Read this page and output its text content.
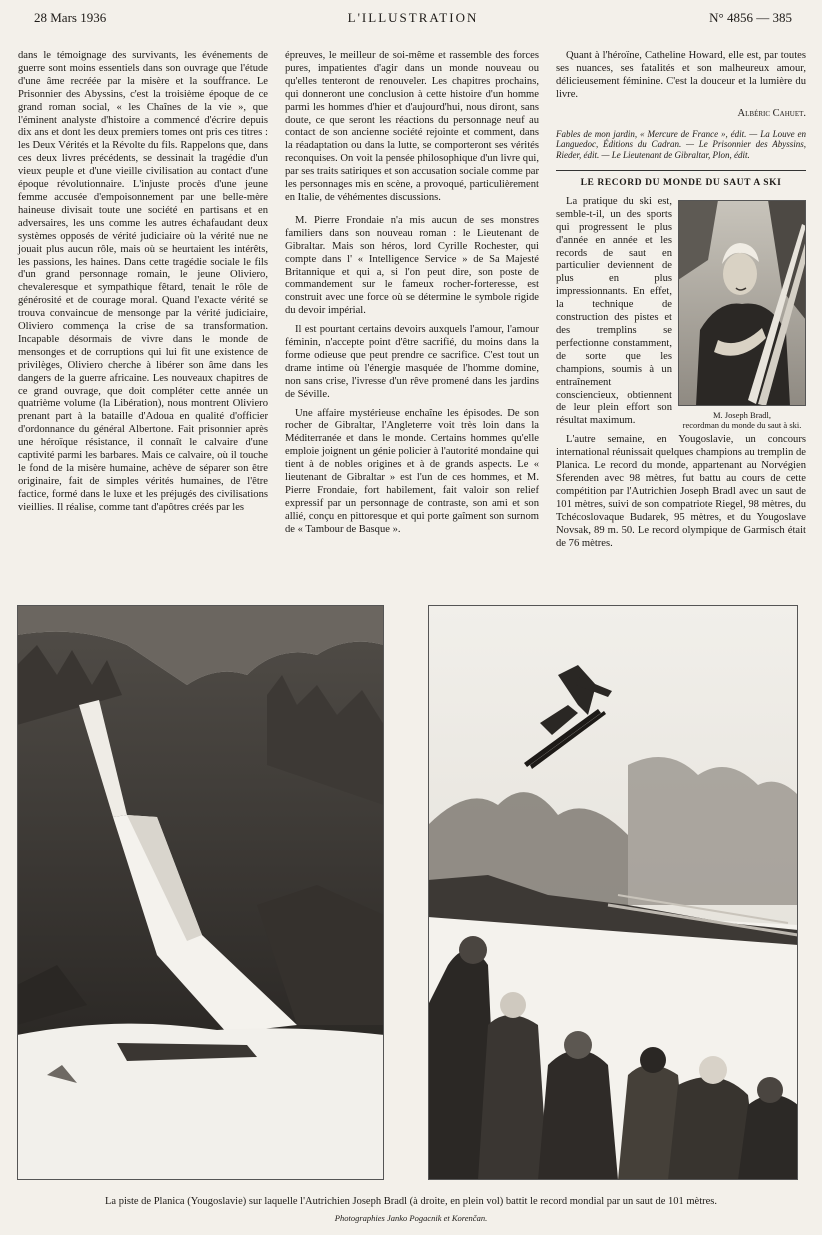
28 Mars 1936	L'ILLUSTRATION	N° 4856 — 385

dans le témoignage des survivants, les événements de guerre sont moins essentiels dans son ouvrage que l'étude d'une âme recréée par la misère et la souffrance. Le Prisonnier des Abyssins, c'est la troisième époque de ce grand roman social, « les Chaînes de la vie », que l'éminent analyste d'histoire a commencé d'écrire depuis dix ans et dont les deux premiers tomes ont pris ces titres : les Deux Vérités et la Révolte du fils. Rappelons que, dans ces deux livres précédents, se dessinait la tragédie d'un vieux peuple et d'une vieille civilisation au contact d'une époque révolutionnaire. L'injuste procès d'une jeune femme accusée d'empoisonnement par une belle-mère haineuse divisait toute une société en partisans et en adversaires, les uns comme les autres échafaudant deux systèmes opposés de vérité judiciaire où la vérité nue ne jouait plus aucun rôle, mais où se heurtaient les intérêts, les passions, les haines. Dans cette tragédie sociale le fils d'un grand personnage romain, le jeune Oliviero, chevaleresque et sympathique fêtard, tenait le rôle de générosité et de courage moral. Quand l'exacte vérité se trouva convaincue de mensonge par la vérité judiciaire, Oliviero commença la crise de sa transformation. Incapable désormais de vivre dans le monde de mensonges et de corruptions qui lui fit une existence de privilèges, Oliviero cherche à libérer son âme dans les dangers de la guerre africaine. Les nouveaux chapitres de ce grand ouvrage, que doit compléter cette année un quatrième volume (la Libération), nous montrent Oliviero prenant part à la bataille d'Adoua en qualité d'officier d'ordonnance du général Albertone. Fait prisonnier après une héroïque résistance, il connaît le calvaire d'une captivité parmi les barbares. Mais ce calvaire, où il touche le fond de la misère humaine, achève de séparer son être originaire, fait de simples vérités humaines, de l'être factice, formé dans le luxe et les préjugés des civilisations vieillies. Il réalise, comme tant d'apôtres créés par les

épreuves, le meilleur de soi-même et rassemble des forces pures, impatientes d'agir dans un monde nouveau ou qu'elles tenteront de renouveler. Les chapitres prochains, qui donneront une conclusion à cette histoire d'un homme parmi les hommes d'hier et d'aujourd'hui, nous diront, sans doute, ce que seront les réactions du personnage neuf au contact de son ancienne société rejointe et comment, dans la réadaptation ou dans la lutte, se comporteront ses vérités reconquises. On voit la pensée philosophique d'un livre qui, par ses traits satiriques et son accusation sociale comme par les personnages mis en scène, a provoqué, particulièrement en Italie, de véhémentes discussions.

M. Pierre Frondaie n'a mis aucun de ses monstres familiers dans son nouveau roman : le Lieutenant de Gibraltar. Mais son héros, lord Cyrille Rochester, qui compte dans l' « Intelligence Service » de Sa Majesté Britannique et qui a, si l'on peut dire, son poste de commandement sur le fameux rocher-forteresse, est construit avec une force où se détermine le symbole rigide du devoir impérial.

Il est pourtant certains devoirs auxquels l'amour, l'amour féminin, n'accepte point d'être sacrifié, du moins dans la forme odieuse que peut prendre ce sacrifice. C'est tout un drame intime où l'énergie masquée de l'homme domine, non sans crise, l'ivresse d'un rêve promené dans les jardins de Séville.

Une affaire mystérieuse enchaîne les épisodes. De son rocher de Gibraltar, l'Angleterre voit très loin dans la Méditerranée et dans le monde. Certains hommes qu'elle emploie joignent un génie policier à l'autorité mondaine qui tient à de nobles origines et à de grands aspects. Le « lieutenant de Gibraltar » est l'un de ces hommes, et M. Pierre Frondaie, fort habilement, fait valoir son relief expressif par un personnage de contraste, son ami et son allié, conçu en pittoresque et qui porte gaîment son surnom de « Tambour de Basque ».

Quant à l'héroïne, Catheline Howard, elle est, par toutes ses nuances, ses fatalités et son malheureux amour, délicieusement féminine. C'est la douceur et la lumière du livre.

Albéric Cahuet.
Fables de mon jardin, « Mercure de France », édit. — La Louve en Languedoc, Éditions du Cadran. — Le Prisonnier des Abyssins, Rieder, édit. — Le Lieutenant de Gibraltar, Plon, édit.
LE RECORD DU MONDE DU SAUT A SKI
M. Joseph Bradl,
recordman du monde du saut à ski.

La pratique du ski est, semble-t-il, un des sports qui progressent le plus d'année en année et les records de saut en particulier deviennent de plus en plus impressionnants. En effet, la technique de construction des pistes et des tremplins se perfectionne constamment, de sorte que les champions, soumis à un entraînement consciencieux, obtiennent de leur plein effort son résultat maximum.

L'autre semaine, en Yougoslavie, un concours international réunissait quelques champions au tremplin de Planica. Le record du monde, appartenant au Norvégien Sferenden avec 98 mètres, fut battu au cours de cette compétition par l'Autrichien Joseph Bradl avec un saut de 101 mètres, suivi de son compatriote Riegel, 98 mètres, du Tchécoslovaque Budarek, 95 mètres, et du Yougoslave Novsak, 89 m. 50. Le record olympique de Garmisch était de 76 mètres.

La piste de Planica (Yougoslavie) sur laquelle l'Autrichien Joseph Bradl (à droite, en plein vol) battit le record mondial par un saut de 101 mètres.
Photographies Janko Pogacnik et Korenčan.
